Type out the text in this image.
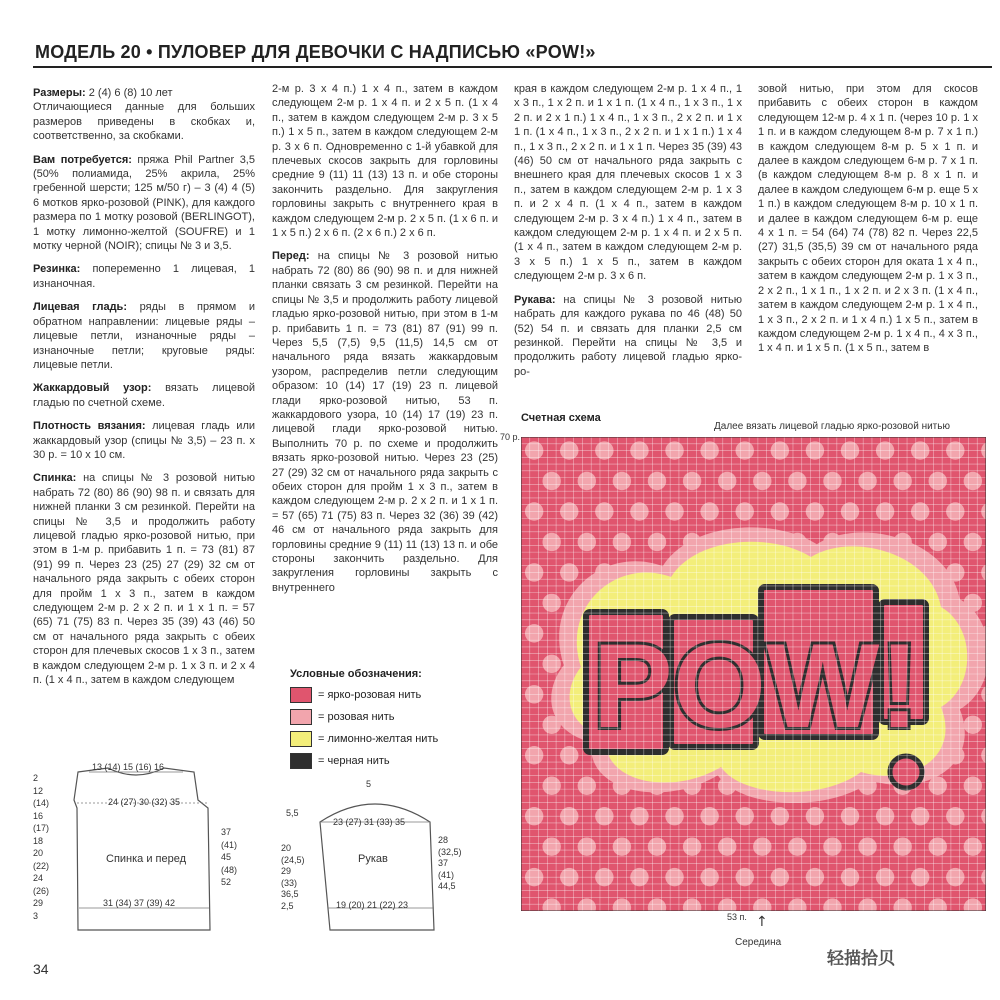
МОДЕЛЬ 20 • ПУЛОВЕР ДЛЯ ДЕВОЧКИ С НАДПИСЬЮ «POW!»
Размеры: 2 (4) 6 (8) 10 лет
Отличающиеся данные для больших размеров приведены в скобках и, соответственно, за скобками.
Вам потребуется: пряжа Phil Partner 3,5 (50% полиамида, 25% акрила, 25% гребенной шерсти; 125 м/50 г) – 3 (4) 4 (5) 6 мотков ярко-розовой (PINK), для каждого размера по 1 мотку розовой (BERLINGOT), 1 мотку лимонно-желтой (SOUFRE) и 1 мотку черной (NOIR); спицы № 3 и 3,5.
Резинка: попеременно 1 лицевая, 1 изнаночная.
Лицевая гладь: ряды в прямом и обратном направлении: лицевые ряды – лицевые петли, изнаночные ряды – изнаночные петли; круговые ряды: лицевые петли.
Жаккардовый узор: вязать лицевой гладью по счетной схеме.
Плотность вязания: лицевая гладь или жаккардовый узор (спицы № 3,5) – 23 п. х 30 р. = 10 х 10 см.
Спинка: на спицы № 3 розовой нитью набрать 72 (80) 86 (90) 98 п. и связать для нижней планки 3 см резинкой. Перейти на спицы № 3,5 и продолжить работу лицевой гладью ярко-розовой нитью, при этом в 1-м р. прибавить 1 п. = 73 (81) 87 (91) 99 п. Через 23 (25) 27 (29) 32 см от начального ряда закрыть с обеих сторон для пройм 1 х 3 п., затем в каждом следующем 2-м р. 2 х 2 п. и 1 х 1 п. = 57 (65) 71 (75) 83 п. Через 35 (39) 43 (46) 50 см от начального ряда закрыть с обеих сторон для плечевых скосов 1 х 3 п., затем в каждом следующем 2-м р. 1 х 3 п. и 2 х 4 п. (1 х 4 п., затем в каждом следующем
2-м р. 3 х 4 п.) 1 х 4 п., затем в каждом следующем 2-м р. 1 х 4 п. и 2 х 5 п. (1 х 4 п., затем в каждом следующем 2-м р. 3 х 5 п.) 1 х 5 п., затем в каждом следующем 2-м р. 3 х 6 п. Одновременно с 1-й убавкой для плечевых скосов закрыть для горловины средние 9 (11) 11 (13) 13 п. и обе стороны закончить раздельно. Для закругления горловины закрыть с внутреннего края в каждом следующем 2-м р. 2 х 5 п. (1 х 6 п. и 1 х 5 п.) 2 х 6 п. (2 х 6 п.) 2 х 6 п.
Перед: на спицы № 3 розовой нитью набрать 72 (80) 86 (90) 98 п. и для нижней планки связать 3 см резинкой. Перейти на спицы № 3,5 и продолжить работу лицевой гладью ярко-розовой нитью, при этом в 1-м р. прибавить 1 п. = 73 (81) 87 (91) 99 п. Через 5,5 (7,5) 9,5 (11,5) 14,5 см от начального ряда вязать жаккардовым узором, распределив петли следующим образом: 10 (14) 17 (19) 23 п. лицевой глади ярко-розовой нитью, 53 п. жаккардового узора, 10 (14) 17 (19) 23 п. лицевой глади ярко-розовой нитью. Выполнить 70 р. по схеме и продолжить вязать ярко-розовой нитью. Через 23 (25) 27 (29) 32 см от начального ряда закрыть с обеих сторон для пройм 1 х 3 п., затем в каждом следующем 2-м р. 2 х 2 п. и 1 х 1 п. = 57 (65) 71 (75) 83 п. Через 32 (36) 39 (42) 46 см от начального ряда закрыть для горловины средние 9 (11) 11 (13) 13 п. и обе стороны закончить раздельно. Для закругления горловины закрыть с внутреннего
края в каждом следующем 2-м р. 1 х 4 п., 1 х 3 п., 1 х 2 п. и 1 х 1 п. (1 х 4 п., 1 х 3 п., 1 х 2 п. и 2 х 1 п.) 1 х 4 п., 1 х 3 п., 2 х 2 п. и 1 х 1 п. (1 х 4 п., 1 х 3 п., 2 х 2 п. и 1 х 1 п.) 1 х 4 п., 1 х 3 п., 2 х 2 п. и 1 х 1 п. Через 35 (39) 43 (46) 50 см от начального ряда закрыть с внешнего края для плечевых скосов 1 х 3 п., затем в каждом следующем 2-м р. 1 х 3 п. и 2 х 4 п. (1 х 4 п., затем в каждом следующем 2-м р. 3 х 4 п.) 1 х 4 п., затем в каждом следующем 2-м р. 1 х 4 п. и 2 х 5 п. (1 х 4 п., затем в каждом следующем 2-м р. 3 х 5 п.) 1 х 5 п., затем в каждом следующем 2-м р. 3 х 6 п.
Рукава: на спицы № 3 розовой нитью набрать для каждого рукава по 46 (48) 50 (52) 54 п. и связать для планки 2,5 см резинкой. Перейти на спицы № 3,5 и продолжить работу лицевой гладью ярко-ро-
зовой нитью, при этом для скосов прибавить с обеих сторон в каждом следующем 12-м р. 4 х 1 п. (через 10 р. 1 х 1 п. и в каждом следующем 8-м р. 7 х 1 п.) в каждом следующем 8-м р. 5 х 1 п. и далее в каждом следующем 6-м р. 7 х 1 п. (в каждом следующем 8-м р. 8 х 1 п. и далее в каждом следующем 6-м р. еще 5 х 1 п.) в каждом следующем 8-м р. 10 х 1 п. и далее в каждом следующем 6-м р. еще 4 х 1 п. = 54 (64) 74 (78) 82 п. Через 22,5 (27) 31,5 (35,5) 39 см от начального ряда закрыть с обеих сторон для оката 1 х 4 п., затем в каждом следующем 2-м р. 1 х 3 п., 2 х 2 п., 1 х 1 п., 1 х 2 п. и 2 х 3 п. (1 х 4 п., затем в каждом следующем 2-м р. 1 х 4 п., 1 х 3 п., 2 х 2 п. и 1 х 4 п.) 1 х 5 п., затем в каждом следующем 2-м р. 1 х 4 п., 4 х 3 п., 1 х 4 п. и 1 х 5 п. (1 х 5 п., затем в
13 (14) 15 (16) 16
24 (27) 30 (32) 35
31 (34) 37 (39) 42
Спинка и перед
2
12
(14)
16
(17)
18
20
(22)
24
(26)
29
3
37
(41)
45
(48)
52
5
5,5
23 (27) 31 (33) 35
19 (20) 21 (22) 23
Рукав
20
(24,5)
29
(33)
36,5
2,5
28
(32,5)
37
(41)
44,5
Условные обозначения:
= ярко-розовая нить
= розовая нить
= лимонно-желтая нить
= черная нить
Счетная схема
Далее вязать лицевой гладью ярко-розовой нитью
70 р.
POW!
53 п. ↑
Середина
34	轻描拾贝
